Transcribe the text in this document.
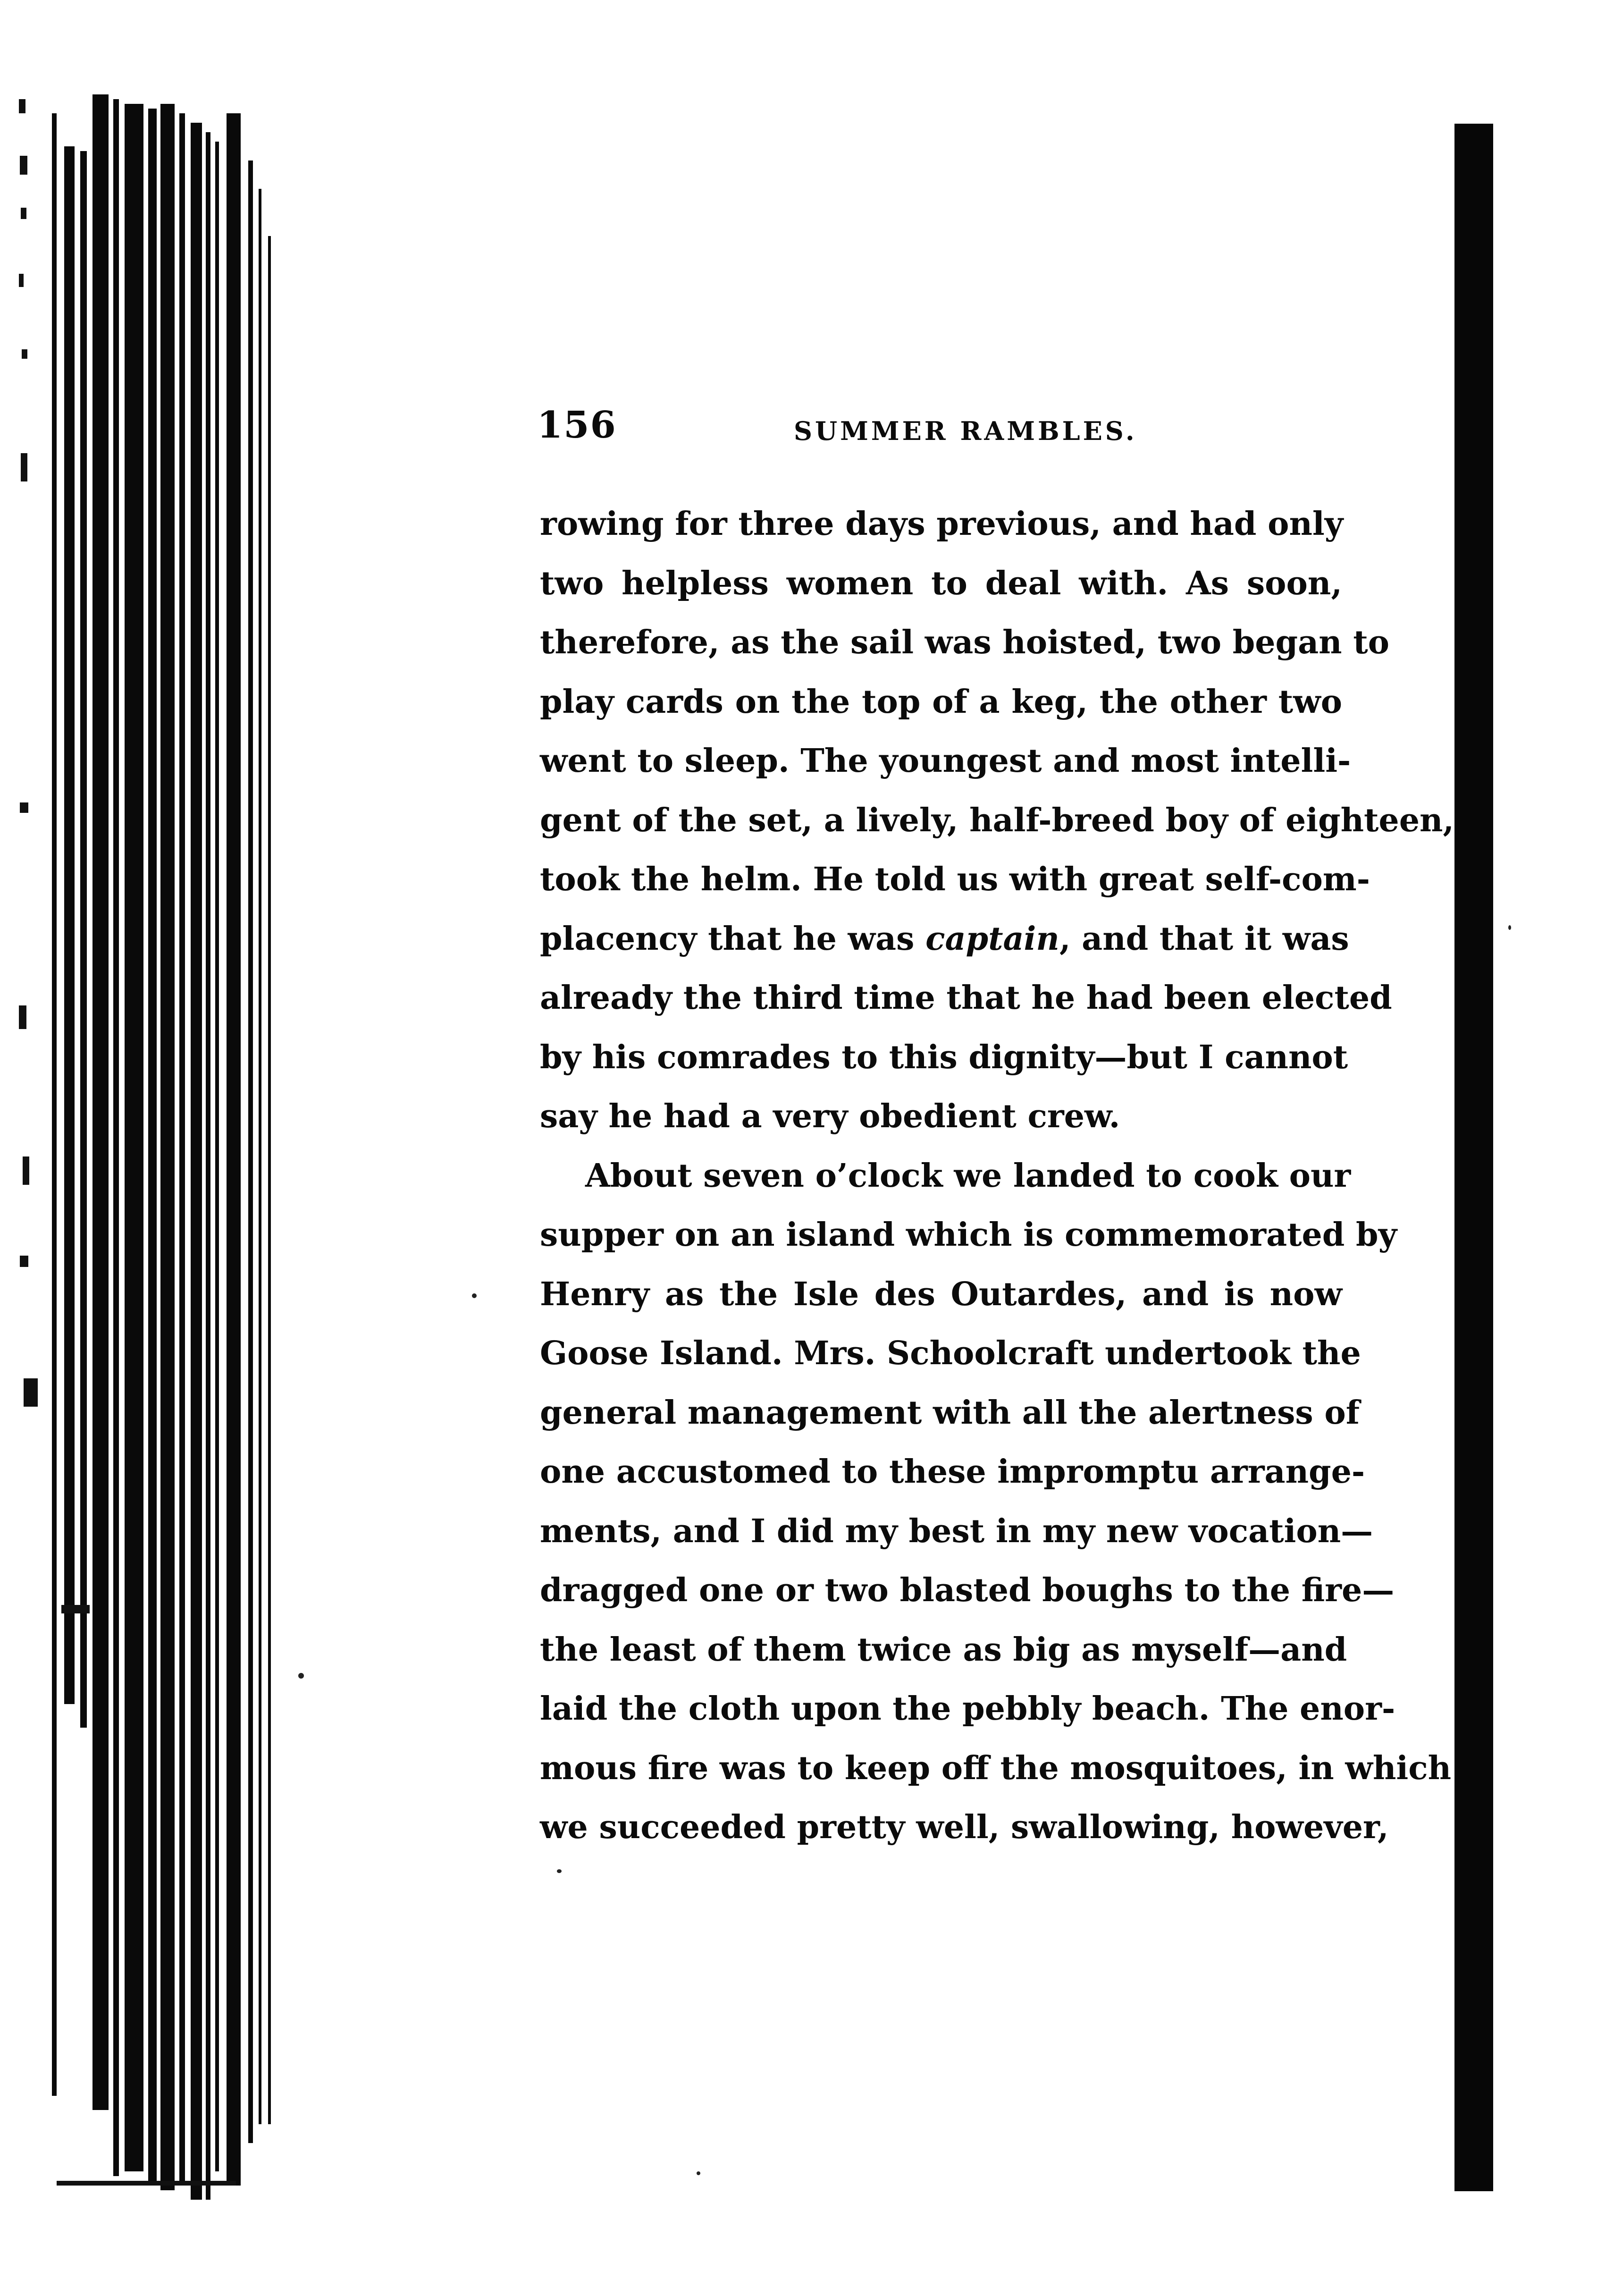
156	SUMMER RAMBLES.
rowing for three days previous, and had only
two helpless women to deal with. As soon,
therefore, as the sail was hoisted, two began to
play cards on the top of a keg, the other two
went to sleep. The youngest and most intelli-
gent of the set, a lively, half-breed boy of eighteen,
took the helm. He told us with great self-com-
placency that he was captain, and that it was
already the third time that he had been elected
by his comrades to this dignity—but I cannot
say he had a very obedient crew.
About seven o’clock we landed to cook our
supper on an island which is commemorated by
Henry as the Isle des Outardes, and is now
Goose Island. Mrs. Schoolcraft undertook the
general management with all the alertness of
one accustomed to these impromptu arrange-
ments, and I did my best in my new vocation—
dragged one or two blasted boughs to the fire—
the least of them twice as big as myself—and
laid the cloth upon the pebbly beach. The enor-
mous fire was to keep off the mosquitoes, in which
we succeeded pretty well, swallowing, however,
